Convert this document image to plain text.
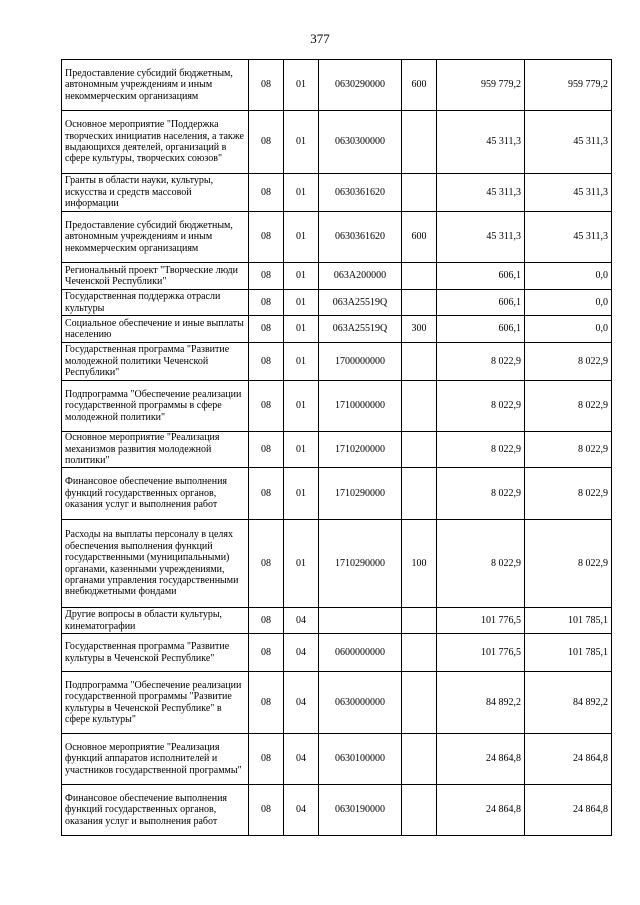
377
Предоставление субсидий бюджетным, автономным учреждениям и иным некоммерческим организациям	08	01	0630290000	600	959 779,2	959 779,2
Основное мероприятие "Поддержка творческих инициатив населения, а также выдающихся деятелей, организаций в сфере культуры, творческих союзов"	08	01	0630300000		45 311,3	45 311,3
Гранты в области науки, культуры, искусства и средств массовой информации	08	01	0630361620		45 311,3	45 311,3
Предоставление субсидий бюджетным, автономным учреждениям и иным некоммерческим организациям	08	01	0630361620	600	45 311,3	45 311,3
Региональный проект "Творческие люди Чеченской Республики"	08	01	063А200000		606,1	0,0
Государственная поддержка отрасли культуры	08	01	063А25519Q		606,1	0,0
Социальное обеспечение и иные выплаты населению	08	01	063А25519Q	300	606,1	0,0
Государственная программа "Развитие молодежной политики Чеченской Республики"	08	01	1700000000		8 022,9	8 022,9
Подпрограмма "Обеспечение реализации государственной программы в сфере молодежной политики"	08	01	1710000000		8 022,9	8 022,9
Основное мероприятие "Реализация механизмов развития молодежной политики"	08	01	1710200000		8 022,9	8 022,9
Финансовое обеспечение выполнения функций государственных органов, оказания услуг и выполнения работ	08	01	1710290000		8 022,9	8 022,9
Расходы на выплаты персоналу в целях обеспечения выполнения функций государственными (муниципальными) органами, казенными учреждениями, органами управления государственными внебюджетными фондами	08	01	1710290000	100	8 022,9	8 022,9
Другие вопросы в области культуры, кинематографии	08	04			101 776,5	101 785,1
Государственная программа "Развитие культуры в Чеченской Республике"	08	04	0600000000		101 776,5	101 785,1
Подпрограмма "Обеспечение реализации государственной программы "Развитие культуры в Чеченской Республике" в сфере культуры"	08	04	0630000000		84 892,2	84 892,2
Основное мероприятие "Реализация функций аппаратов исполнителей и участников государственной программы"	08	04	0630100000		24 864,8	24 864,8
Финансовое обеспечение выполнения функций государственных органов, оказания услуг и выполнения работ	08	04	0630190000		24 864,8	24 864,8
